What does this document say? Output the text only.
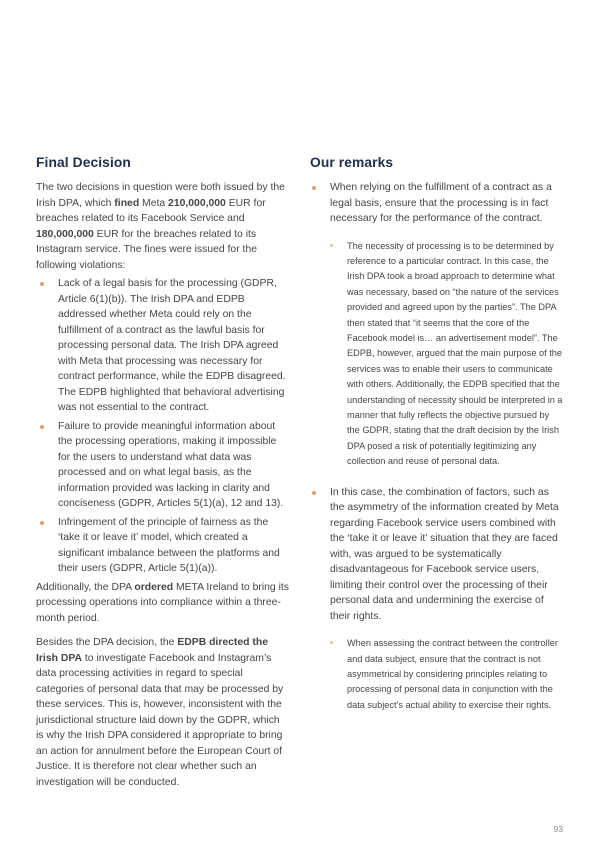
Final Decision

The two decisions in question were both issued by the Irish DPA, which fined Meta 210,000,000 EUR for breaches related to its Facebook Service and 180,000,000 EUR for the breaches related to its Instagram service. The fines were issued for the following violations:

Lack of a legal basis for the processing (GDPR, Article 6(1)(b)). The Irish DPA and EDPB addressed whether Meta could rely on the fulfillment of a contract as the lawful basis for processing personal data. The Irish DPA agreed with Meta that processing was necessary for contract performance, while the EDPB disagreed. The EDPB highlighted that behavioral advertising was not essential to the contract.
Failure to provide meaningful information about the processing operations, making it impossible for the users to understand what data was processed and on what legal basis, as the information provided was lacking in clarity and conciseness (GDPR, Articles 5(1)(a), 12 and 13).
Infringement of the principle of fairness as the ‘take it or leave it’ model, which created a significant imbalance between the platforms and their users (GDPR, Article 5(1)(a)).

Additionally, the DPA ordered META Ireland to bring its processing operations into compliance within a three-month period.

Besides the DPA decision, the EDPB directed the Irish DPA to investigate Facebook and Instagram’s data processing activities in regard to special categories of personal data that may be processed by these services. This is, however, inconsistent with the jurisdictional structure laid down by the GDPR, which is why the Irish DPA considered it appropriate to bring an action for annulment before the European Court of Justice. It is therefore not clear whether such an investigation will be conducted.

Our remarks
When relying on the fulfillment of a contract as a legal basis, ensure that the processing is in fact necessary for the performance of the contract.
The necessity of processing is to be determined by reference to a particular contract. In this case, the Irish DPA took a broad approach to determine what was necessary, based on “the nature of the services provided and agreed upon by the parties”. The DPA then stated that “it seems that the core of the Facebook model is… an advertisement model”. The EDPB, however, argued that the main purpose of the services was to enable their users to communicate with others. Additionally, the EDPB specified that the understanding of necessity should be interpreted in a manner that fully reflects the objective pursued by the GDPR, stating that the draft decision by the Irish DPA posed a risk of potentially legitimizing any collection and reuse of personal data.
In this case, the combination of factors, such as the asymmetry of the information created by Meta regarding Facebook service users combined with the ‘take it or leave it’ situation that they are faced with, was argued to be systematically disadvantageous for Facebook service users, limiting their control over the processing of their personal data and undermining the exercise of their rights.
When assessing the contract between the controller and data subject, ensure that the contract is not asymmetrical by considering principles relating to processing of personal data in conjunction with the data subject’s actual ability to exercise their rights.
93
